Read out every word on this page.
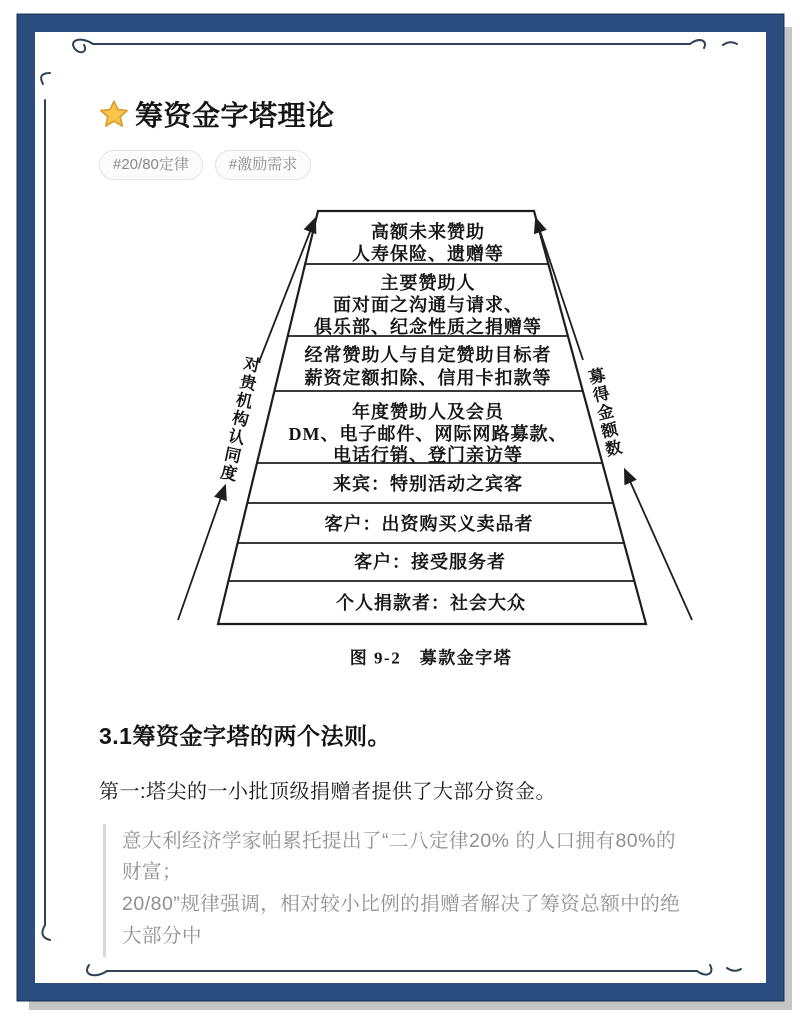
筹资金字塔理论
#20/80定律	#激励需求
高额未来赞助
人寿保险、遗赠等
主要赞助人
面对面之沟通与请求、
俱乐部、纪念性质之捐赠等
经常赞助人与自定赞助目标者
薪资定额扣除、信用卡扣款等
年度赞助人及会员
DM、电子邮件、网际网路募款、
电话行销、登门亲访等
来宾：特别活动之宾客
客户：出资购买义卖品者
客户：接受服务者
个人捐款者：社会大众
图 9-2　募款金字塔
对贵机构认同度	募得金额数
3.1筹资金字塔的两个法则。

第一:塔尖的一小批顶级捐赠者提供了大部分资金。

意大利经济学家帕累托提出了“二八定律20% 的人口拥有80%的财富；

20/80”规律强调，相对较小比例的捐赠者解决了筹资总额中的绝大部分中
